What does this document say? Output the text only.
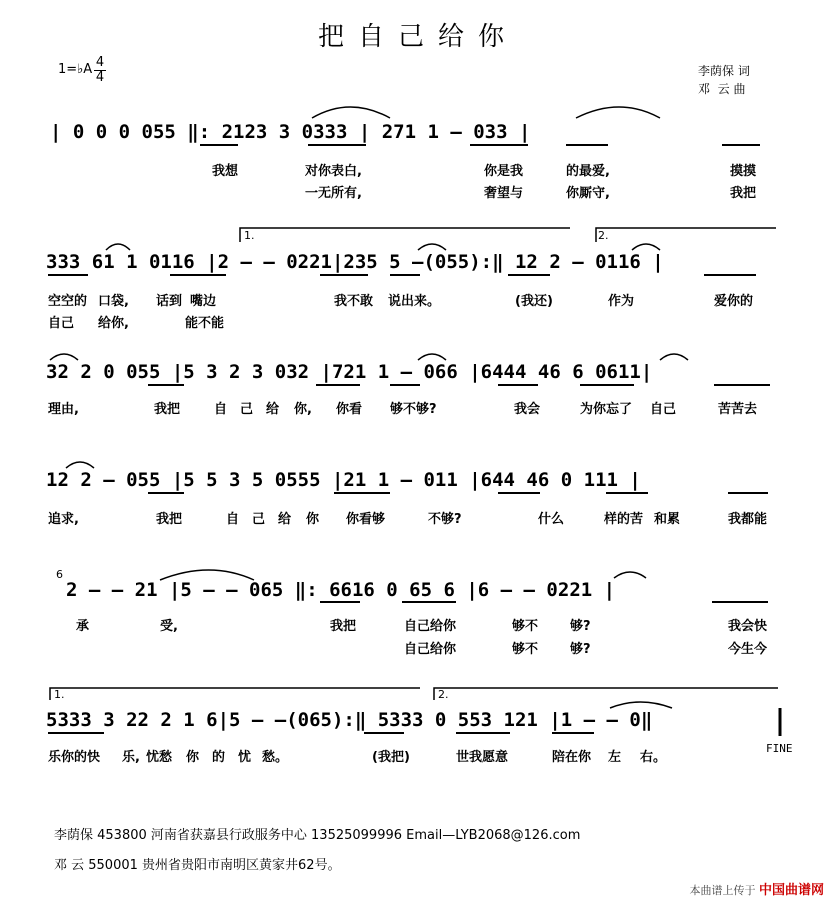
把自己给你
1=♭A 4
4	李荫保 词
邓  云 曲
| 0 0 0 055 ‖: 2123 3 0333 | 271 1 – 033 |
我想	对你表白,	你是我	的最爱,	摸摸
一无所有,	奢望与	你厮守,	我把
1.	2.
333 61 1 0116 |2 – – 0221|235 5 –(055):‖ 12 2 – 0116 |
空空的 口袋, 话到 嘴边	我不敢 说出来。	(我还)	作为	爱你的
自己 给你,	能不能
32 2 0 055 |5 3 2 3 032 |721 1 – 066 |6444 46 6 0611|
理由,	我把	自 己 给 你, 你看 够不够?	我会	为你忘了 自己	苦苦去
12 2 – 055 |5 5 3 5 0555 |21 1 – 011 |644 46 0 111 |
追求,	我把	自 己 给 你 你看够	不够?	什么	样的苦 和累	我都能
6
2 – – 21 |5 – – 065 ‖: 6616 0 65 6 |6 – – 0221 |
承	受,	我把	自己给你	够不 够?	我会快
自己给你	够不 够?	今生今
1.	2.
5333 3 22 2 1 6|5 – –(065):‖ 5333 0 553 121 |1 – – 0‖
FINE
乐你的快 乐, 忧愁 你 的 忧 愁。	(我把)	世我愿意	陪在你 左 右。
李荫保 453800 河南省获嘉县行政服务中心 13525099996 Email—LYB2068@126.com
邓 云 550001 贵州省贵阳市南明区黄家井62号。
本曲谱上传于 中国曲谱网
